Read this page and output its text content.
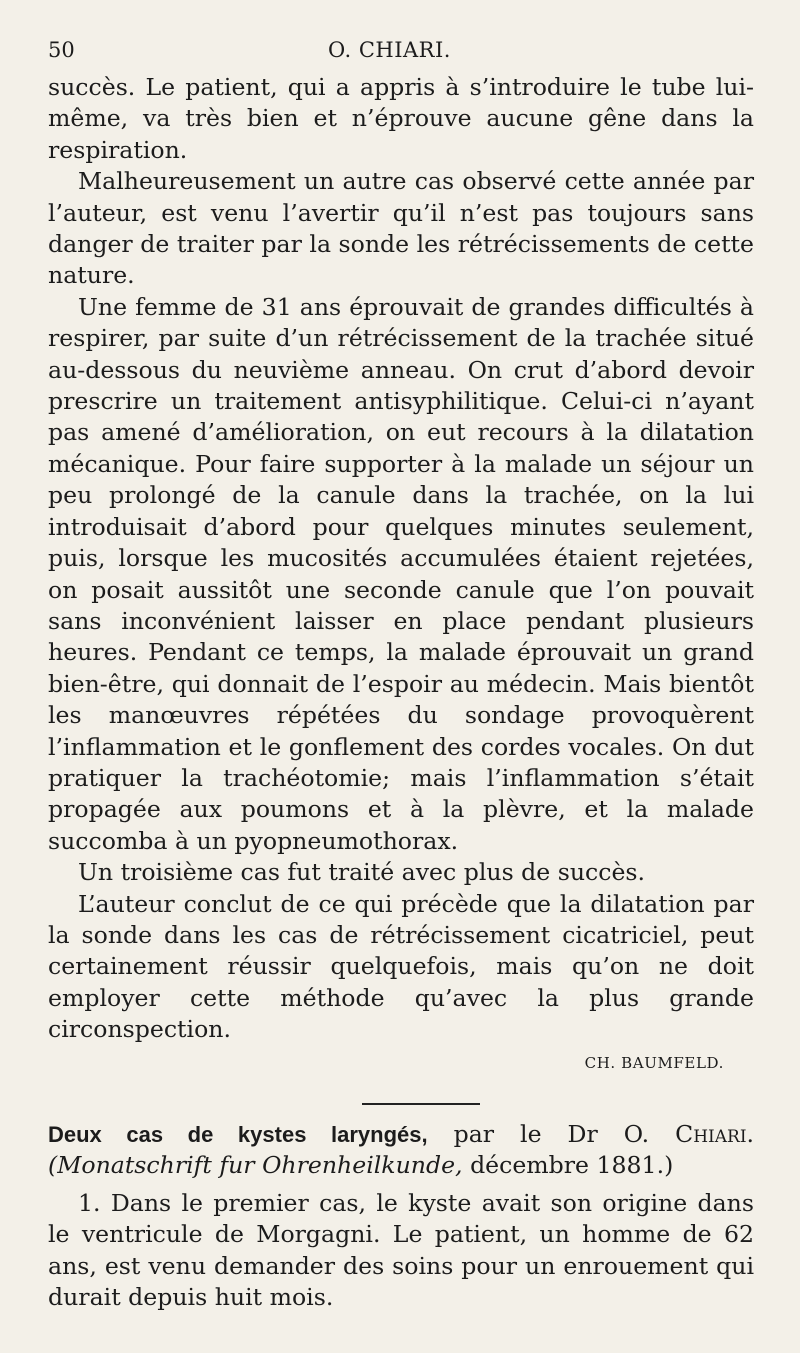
50	O. CHIARI.

succès. Le patient, qui a appris à s’introduire le tube lui-même, va très bien et n’éprouve aucune gêne dans la respiration.

Malheureusement un autre cas observé cette année par l’auteur, est venu l’avertir qu’il n’est pas toujours sans danger de traiter par la sonde les rétrécissements de cette nature.

Une femme de 31 ans éprouvait de grandes difficultés à respirer, par suite d’un rétrécissement de la trachée situé au-dessous du neuvième anneau. On crut d’abord devoir prescrire un traitement antisyphilitique. Celui-ci n’ayant pas amené d’amélioration, on eut recours à la dilatation mécanique. Pour faire supporter à la malade un séjour un peu prolongé de la canule dans la trachée, on la lui introduisait d’abord pour quelques minutes seulement, puis, lorsque les mucosités accumulées étaient rejetées, on posait aussitôt une seconde canule que l’on pouvait sans inconvénient laisser en place pendant plusieurs heures. Pendant ce temps, la malade éprouvait un grand bien-être, qui donnait de l’espoir au médecin. Mais bientôt les manœuvres répétées du sondage provoquèrent l’inflammation et le gonflement des cordes vocales. On dut pratiquer la trachéotomie; mais l’inflammation s’était propagée aux poumons et à la plèvre, et la malade succomba à un pyopneumothorax.

Un troisième cas fut traité avec plus de succès.

L’auteur conclut de ce qui précède que la dilatation par la sonde dans les cas de rétrécissement cicatriciel, peut certainement réussir quelquefois, mais qu’on ne doit employer cette méthode qu’avec la plus grande circonspection.

CH. BAUMFELD.

Deux cas de kystes laryngés, par le Dr O. Chiari. (Monatschrift fur Ohrenheilkunde, décembre 1881.)

1. Dans le premier cas, le kyste avait son origine dans le ventricule de Morgagni. Le patient, un homme de 62 ans, est venu demander des soins pour un enrouement qui durait depuis huit mois.
